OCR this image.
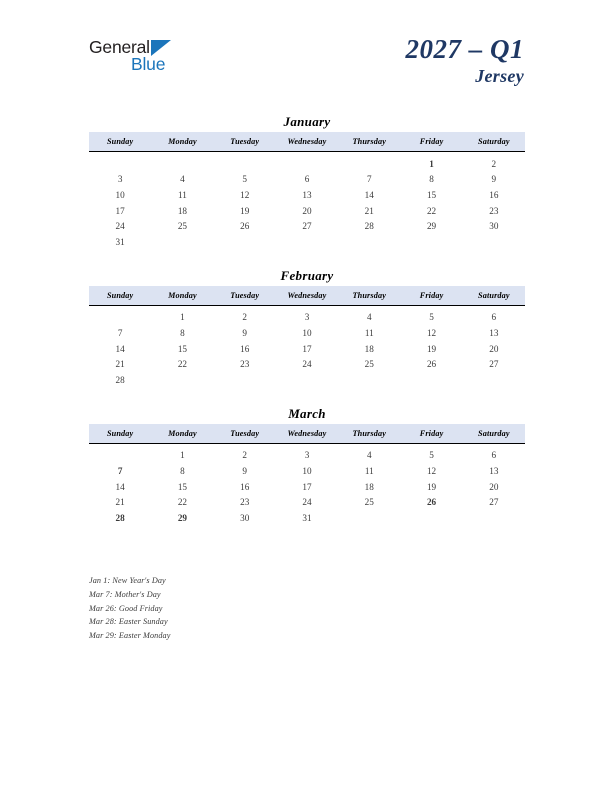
General
Blue	2027 – Q1
Jersey
January
Sunday	Monday	Tuesday	Wednesday	Thursday	Friday	Saturday
					1	2
3	4	5	6	7	8	9
10	11	12	13	14	15	16
17	18	19	20	21	22	23
24	25	26	27	28	29	30
31						
February
Sunday	Monday	Tuesday	Wednesday	Thursday	Friday	Saturday
	1	2	3	4	5	6
7	8	9	10	11	12	13
14	15	16	17	18	19	20
21	22	23	24	25	26	27
28						
March
Sunday	Monday	Tuesday	Wednesday	Thursday	Friday	Saturday
	1	2	3	4	5	6
7	8	9	10	11	12	13
14	15	16	17	18	19	20
21	22	23	24	25	26	27
28	29	30	31			
Jan 1: New Year's Day
Mar 7: Mother's Day
Mar 26: Good Friday
Mar 28: Easter Sunday
Mar 29: Easter Monday
